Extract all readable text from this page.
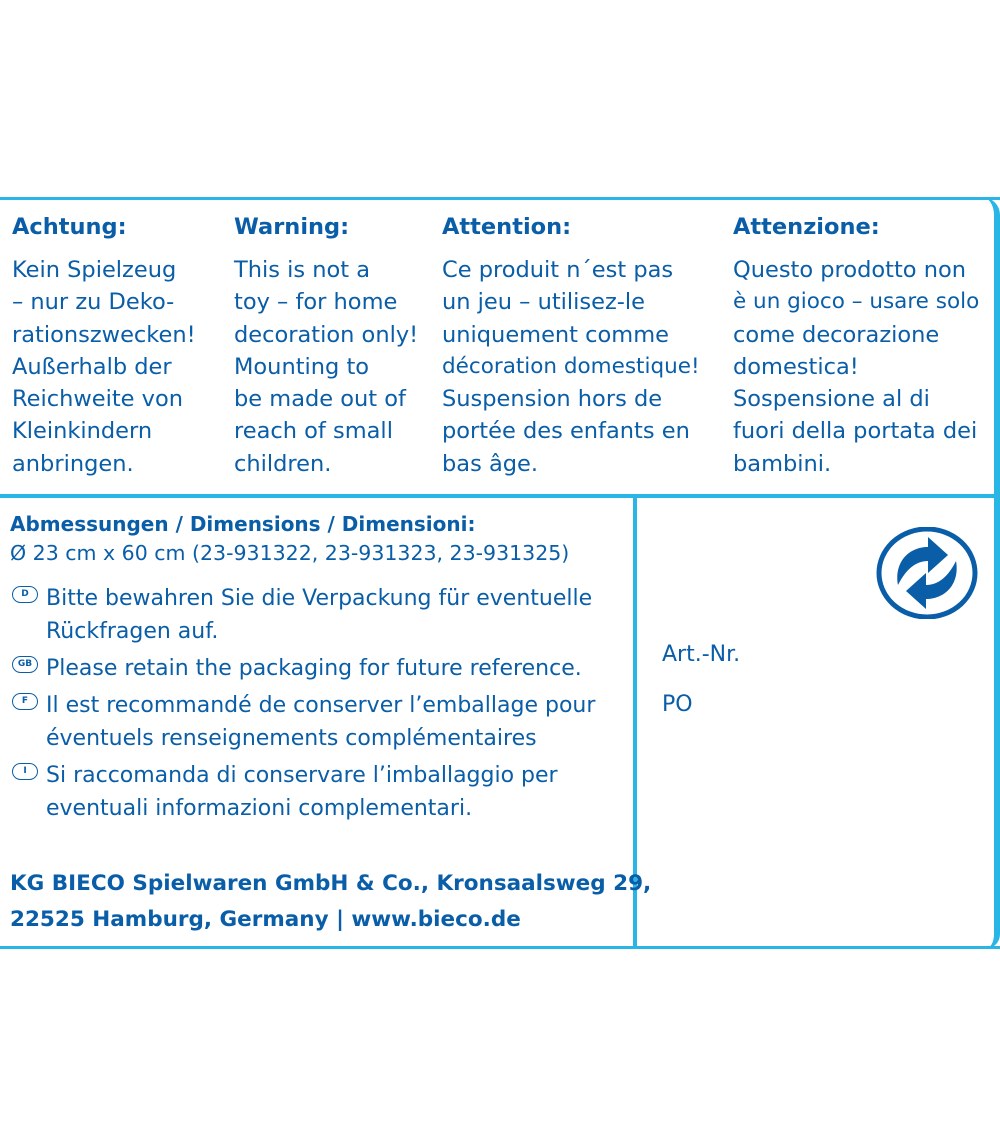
Achtung:
Kein Spielzeug
– nur zu Deko-
rationszwecken!
Außerhalb der
Reichweite von
Kleinkindern
anbringen.
Warning:
This is not a
toy – for home
decoration only!
Mounting to
be made out of
reach of small
children.
Attention:
Ce produit n´est pas
un jeu – utilisez-le
uniquement comme
décoration domestique!
Suspension hors de
portée des enfants en
bas âge.
Attenzione:
Questo prodotto non
è un gioco – usare solo
come decorazione
domestica!
Sospensione al di
fuori della portata dei
bambini.
Abmessungen / Dimensions / Dimensioni:
Ø 23 cm x 60 cm (23-931322, 23-931323, 23-931325)
D Bitte bewahren Sie die Verpackung für eventuelle
Rückfragen auf.
GB Please retain the packaging for future reference.
F Il est recommandé de conserver l’emballage pour
éventuels renseignements complémentaires
I Si raccomanda di conservare l’imballaggio per
eventuali informazioni complementari.
KG BIECO Spielwaren GmbH & Co., Kronsaalsweg 29,
22525 Hamburg, Germany | www.bieco.de
Art.-Nr.
PO
